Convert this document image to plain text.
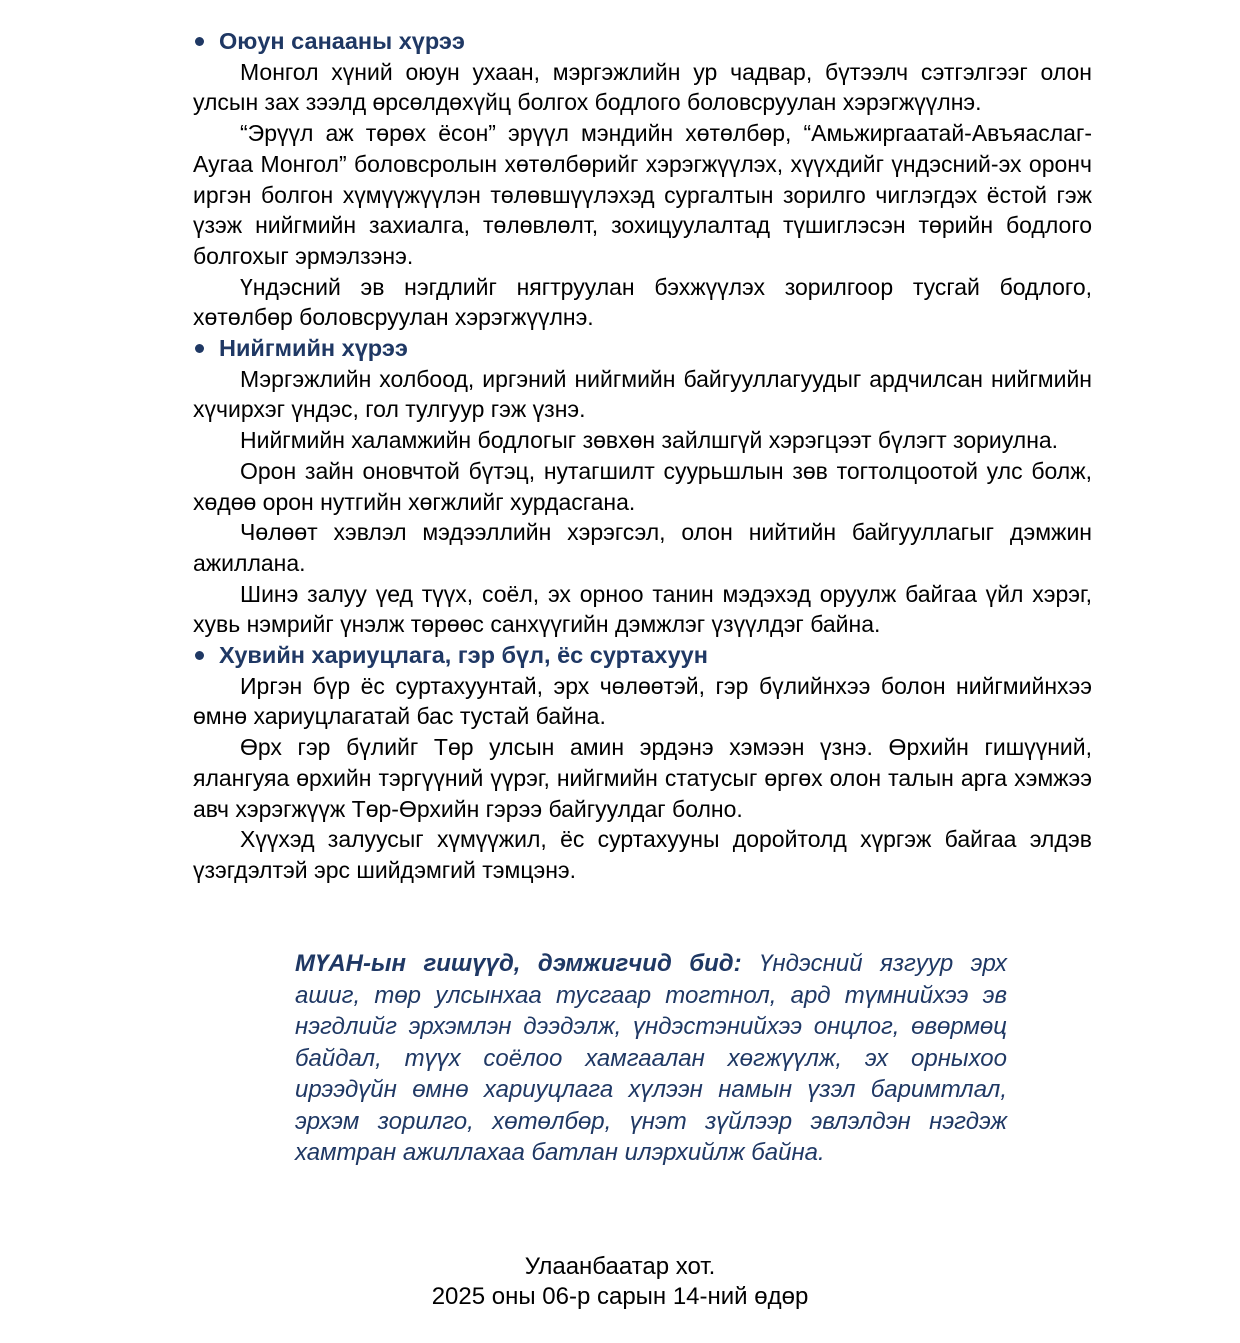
Оюун санааны хүрээ

Монгол хүний оюун ухаан, мэргэжлийн ур чадвар, бүтээлч сэтгэлгээг олон улсын зах зээлд өрсөлдөхүйц болгох бодлого боловсруулан хэрэгжүүлнэ.

“Эрүүл аж төрөх ёсон” эрүүл мэндийн хөтөлбөр, “Амьжиргаатай-Авъяаслаг-Аугаа Монгол” боловсролын хөтөлбөрийг хэрэгжүүлэх, хүүхдийг үндэсний-эх оронч иргэн болгон хүмүүжүүлэн төлөвшүүлэхэд сургалтын зорилго чиглэгдэх ёстой гэж үзэж нийгмийн захиалга, төлөвлөлт, зохицуулалтад түшиглэсэн төрийн бодлого болгохыг эрмэлзэнэ.

Үндэсний эв нэгдлийг нягтруулан бэхжүүлэх зорилгоор тусгай бодлого, хөтөлбөр боловсруулан хэрэгжүүлнэ.

Нийгмийн хүрээ

Мэргэжлийн холбоод, иргэний нийгмийн байгууллагуудыг ардчилсан нийгмийн хүчирхэг үндэс, гол тулгуур гэж үзнэ.

Нийгмийн халамжийн бодлогыг зөвхөн зайлшгүй хэрэгцээт бүлэгт зориулна.

Орон зайн оновчтой бүтэц, нутагшилт суурьшлын зөв тогтолцоотой улс болж, хөдөө орон нутгийн хөгжлийг хурдасгана.

Чөлөөт хэвлэл мэдээллийн хэрэгсэл, олон нийтийн байгууллагыг дэмжин ажиллана.

Шинэ залуу үед түүх, соёл, эх орноо танин мэдэхэд оруулж байгаа үйл хэрэг, хувь нэмрийг үнэлж төрөөс санхүүгийн дэмжлэг үзүүлдэг байна.

Хувийн хариуцлага, гэр бүл, ёс суртахуун

Иргэн бүр ёс суртахуунтай, эрх чөлөөтэй, гэр бүлийнхээ болон нийгмийнхээ өмнө хариуцлагатай бас тустай байна.

Өрх гэр бүлийг Төр улсын амин эрдэнэ хэмээн үзнэ. Өрхийн гишүүний, ялангуяа өрхийн тэргүүний үүрэг, нийгмийн статусыг өргөх олон талын арга хэмжээ авч хэрэгжүүж Төр-Өрхийн гэрээ байгуулдаг болно.

Хүүхэд залуусыг хүмүүжил, ёс суртахууны доройтолд хүргэж байгаа элдэв үзэгдэлтэй эрс шийдэмгий тэмцэнэ.

МҮАН-ын гишүүд, дэмжигчид бид: Үндэсний язгуур эрх ашиг, төр улсынхаа тусгаар тогтнол, ард түмнийхээ эв нэгдлийг эрхэмлэн дээдэлж, үндэстэнийхээ онцлог, өвөрмөц байдал, түүх соёлоо хамгаалан хөгжүүлж, эх орныхоо ирээдүйн өмнө хариуцлага хүлээн намын үзэл баримтлал, эрхэм зорилго, хөтөлбөр, үнэт зүйлээр эвлэлдэн нэгдэж хамтран ажиллахаа батлан илэрхийлж байна.

Улаанбаатар хот.

2025 оны 06-р сарын 14-ний өдөр
